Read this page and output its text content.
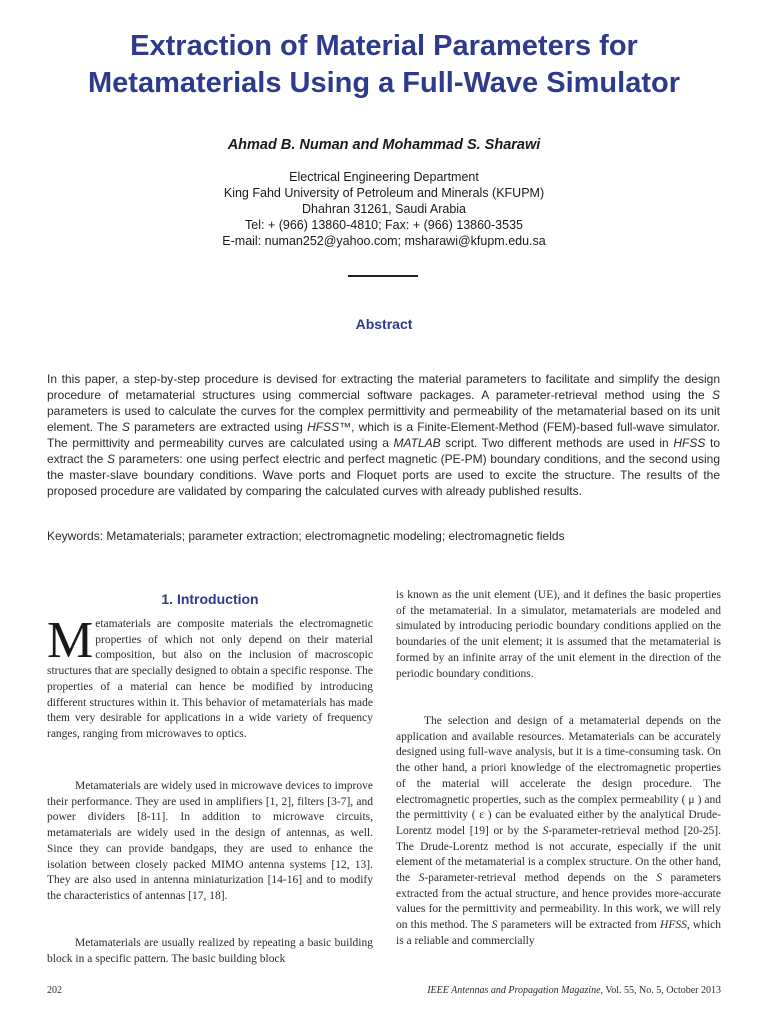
Extraction of Material Parameters for
Metamaterials Using a Full-Wave Simulator
Ahmad B. Numan and Mohammad S. Sharawi
Electrical Engineering Department
King Fahd University of Petroleum and Minerals (KFUPM)
Dhahran 31261, Saudi Arabia
Tel: + (966) 13860-4810; Fax: + (966) 13860-3535
E-mail: numan252@yahoo.com; msharawi@kfupm.edu.sa
Abstract
In this paper, a step-by-step procedure is devised for extracting the material parameters to facilitate and simplify the design procedure of metamaterial structures using commercial software packages. A parameter-retrieval method using the S parameters is used to calculate the curves for the complex permittivity and permeability of the metamaterial based on its unit element. The S parameters are extracted using HFSS™, which is a Finite-Element-Method (FEM)-based full-wave simulator. The permittivity and permeability curves are calculated using a MATLAB script. Two different methods are used in HFSS to extract the S parameters: one using perfect electric and perfect magnetic (PE-PM) boundary conditions, and the second using the master-slave boundary conditions. Wave ports and Floquet ports are used to excite the structure. The results of the proposed procedure are validated by comparing the calculated curves with already published results.
Keywords: Metamaterials; parameter extraction; electromagnetic modeling; electromagnetic fields
1. Introduction

Metamaterials are composite materials the electromagnetic properties of which not only depend on their material composition, but also on the inclusion of macroscopic structures that are specially designed to obtain a specific response. The properties of a material can hence be modified by introducing different structures within it. This behavior of metamaterials has made them very desirable for applications in a wide variety of frequency ranges, ranging from microwaves to optics.

Metamaterials are widely used in microwave devices to improve their performance. They are used in amplifiers [1, 2], filters [3-7], and power dividers [8-11]. In addition to microwave circuits, metamaterials are widely used in the design of antennas, as well. Since they can provide bandgaps, they are used to enhance the isolation between closely packed MIMO antenna systems [12, 13]. They are also used in antenna miniaturization [14-16] and to modify the characteristics of antennas [17, 18].

Metamaterials are usually realized by repeating a basic building block in a specific pattern. The basic building block

is known as the unit element (UE), and it defines the basic properties of the metamaterial. In a simulator, metamaterials are modeled and simulated by introducing periodic boundary conditions applied on the boundaries of the unit element; it is assumed that the metamaterial is formed by an infinite array of the unit element in the direction of the periodic boundary conditions.

The selection and design of a metamaterial depends on the application and available resources. Metamaterials can be accurately designed using full-wave analysis, but it is a time-consuming task. On the other hand, a priori knowledge of the electromagnetic properties of the material will accelerate the design procedure. The electromagnetic properties, such as the complex permeability ( μ ) and the permittivity ( ε ) can be evaluated either by the analytical Drude-Lorentz model [19] or by the S-parameter-retrieval method [20-25]. The Drude-Lorentz method is not accurate, especially if the unit element of the metamaterial is a complex structure. On the other hand, the S-parameter-retrieval method depends on the S parameters extracted from the actual structure, and hence provides more-accurate values for the permittivity and permeability. In this work, we will rely on this method. The S parameters will be extracted from HFSS, which is a reliable and commercially

202	IEEE Antennas and Propagation Magazine, Vol. 55, No. 5, October 2013
